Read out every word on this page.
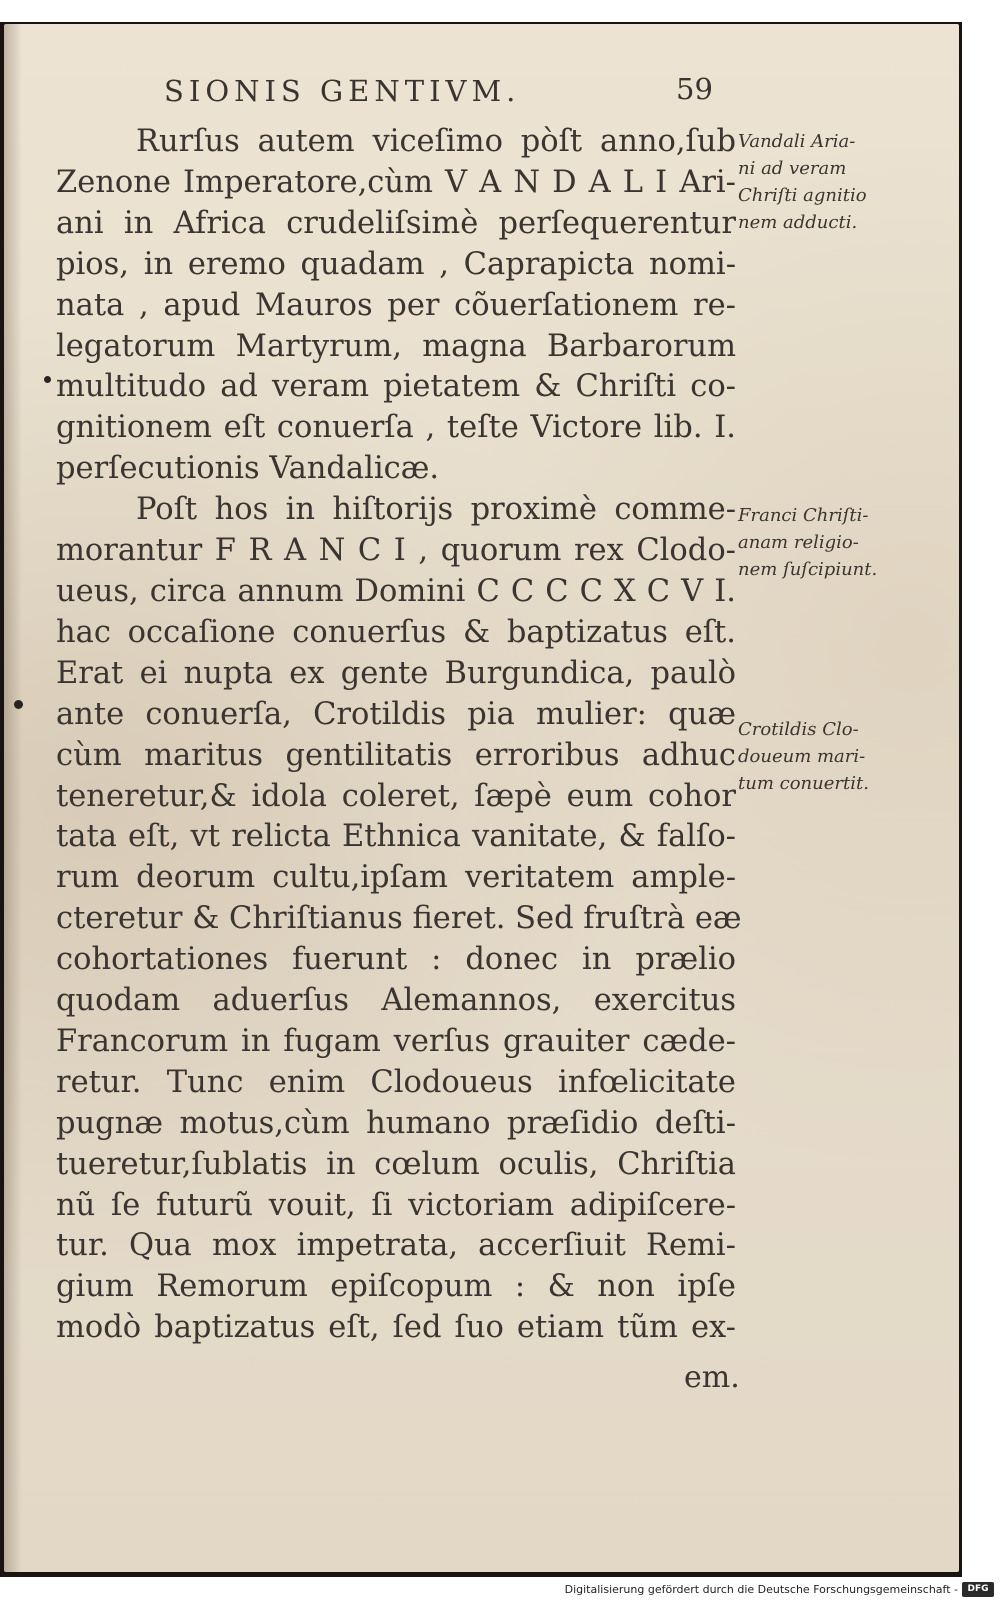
SIONIS GENTIVM.	59
Rurſus autem viceſimo pòſt anno,ſub
Zenone Imperatore,cùm V A N D A L I Ari-
ani in Africa crudeliſsimè perſequerentur
pios, in eremo quadam , Caprapicta nomi-
nata , apud Mauros per cõuerſationem re-
legatorum Martyrum, magna Barbarorum
multitudo ad veram pietatem & Chriſti co-
gnitionem eſt conuerſa , teſte Victore lib. I.
perſecutionis Vandalicæ.
Poſt hos in hiſtorijs proximè comme-
morantur F R A N C I , quorum rex Clodo-
ueus, circa annum Domini C C C C X C V I.
hac occaſione conuerſus & baptizatus eſt.
Erat ei nupta ex gente Burgundica, paulò
ante conuerſa, Crotildis pia mulier: quæ
cùm maritus gentilitatis erroribus adhuc
teneretur,& idola coleret, ſæpè eum cohor
tata eſt, vt relicta Ethnica vanitate, & falſo-
rum deorum cultu,ipſam veritatem ample-
cteretur & Chriſtianus fieret. Sed fruſtrà eæ
cohortationes fuerunt : donec in prælio
quodam aduerſus Alemannos, exercitus
Francorum in fugam verſus grauiter cæde-
retur. Tunc enim Clodoueus infœlicitate
pugnæ motus,cùm humano præſidio deſti-
tueretur,ſublatis in cœlum oculis, Chriſtia
nũ ſe futurũ vouit, ſi victoriam adipiſcere-
tur. Qua mox impetrata, accerſiuit Remi-
gium Remorum epiſcopum : & non ipſe
modò baptizatus eſt, ſed ſuo etiam tũm ex-
em.
Vandali Aria-
ni ad veram
Chriſti agnitio
nem adducti.
Franci Chriſti-
anam religio-
nem ſuſcipiunt.
Crotildis Clo-
doueum mari-
tum conuertit.
Digitalisierung gefördert durch die Deutsche Forschungsgemeinschaft -	DFG
